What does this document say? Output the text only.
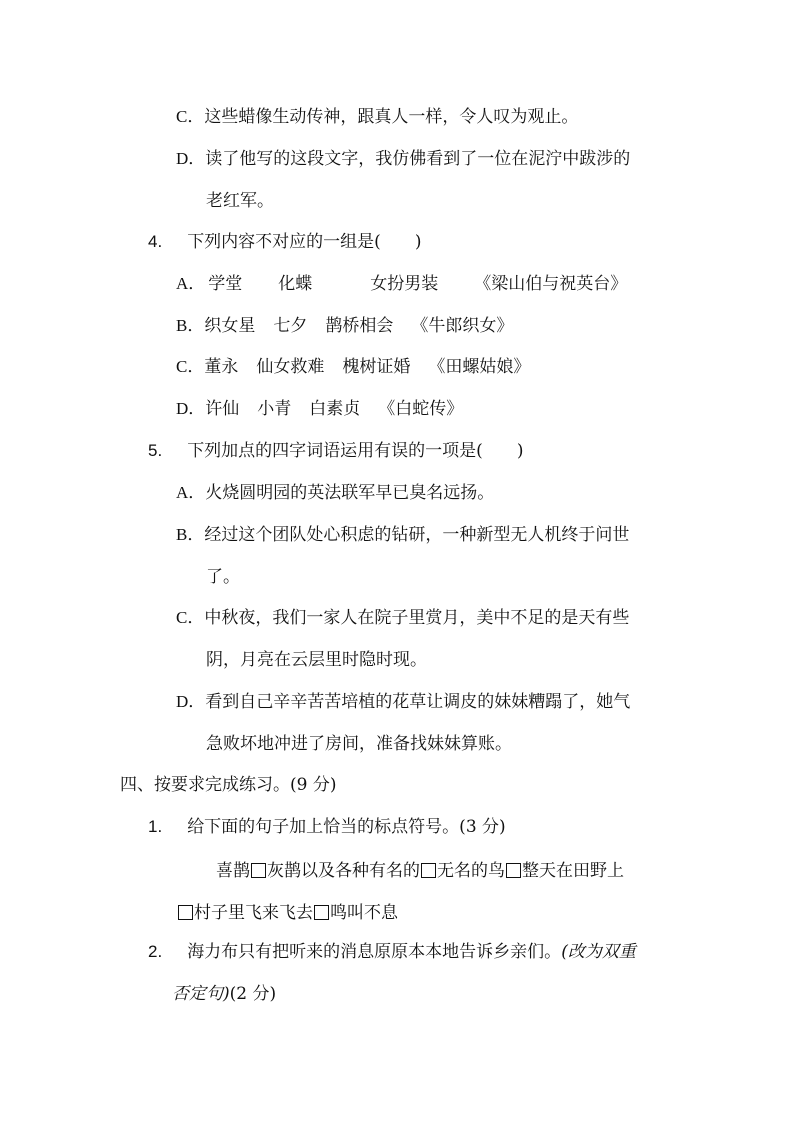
C．这些蜡像生动传神，跟真人一样，令人叹为观止。
D．读了他写的这段文字，我仿佛看到了一位在泥泞中跋涉的
老红军。
4. 下列内容不对应的一组是(　　)
A． 学堂 化蝶	女扮男装 《梁山伯与祝英台》
B．织女星 七夕 鹊桥相会 《牛郎织女》
C．董永 仙女救难 槐树证婚 《田螺姑娘》
D．许仙 小青 白素贞 《白蛇传》
5. 下列加点的四字词语运用有误的一项是(　　)
A．火烧圆明园的英法联军早已臭名远扬。
B．经过这个团队处心积虑的钻研，一种新型无人机终于问世
了。
C．中秋夜，我们一家人在院子里赏月，美中不足的是天有些
阴，月亮在云层里时隐时现。
D．看到自己辛辛苦苦培植的花草让调皮的妹妹糟蹋了，她气
急败坏地冲进了房间，准备找妹妹算账。
四、按要求完成练习。(9 分)
1. 给下面的句子加上恰当的标点符号。(3 分)
喜鹊 灰鹊以及各种有名的 无名的鸟 整天在田野上
村子里飞来飞去 鸣叫不息
2. 海力布只有把听来的消息原原本本地告诉乡亲们。(改为双重
否定句)(2 分)
